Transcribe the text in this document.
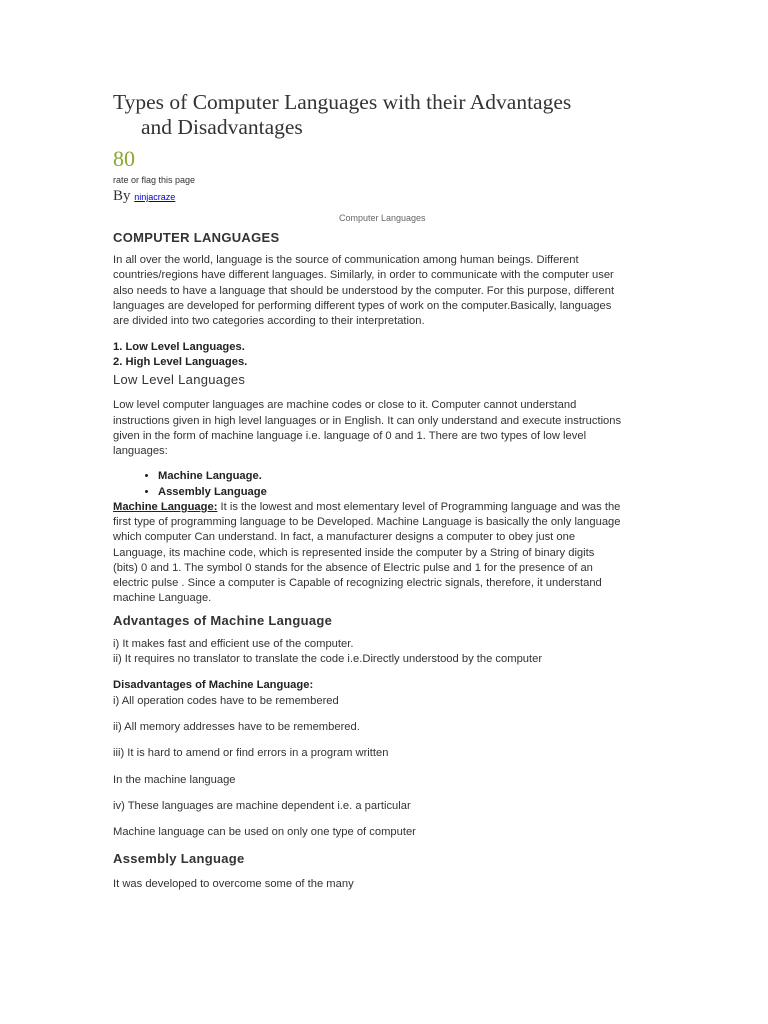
Types of Computer Languages with their Advantages
and Disadvantages
80
rate or flag this page
By ninjacraze
Computer Languages
COMPUTER LANGUAGES

In all over the world, language is the source of communication among human beings. Different
countries/regions have different languages. Similarly, in order to communicate with the computer user
also needs to have a language that should be understood by the computer. For this purpose, different
languages are developed for performing different types of work on the computer.Basically, languages
are divided into two categories according to their interpretation.

1. Low Level Languages.
2. High Level Languages.
Low Level Languages

Low level computer languages are machine codes or close to it. Computer cannot understand
instructions given in high level languages or in English. It can only understand and execute instructions
given in the form of machine language i.e. language of 0 and 1. There are two types of low level
languages:

• Machine Language.
• Assembly Language

Machine Language: It is the lowest and most elementary level of Programming language and was the
first type of programming language to be Developed. Machine Language is basically the only language
which computer Can understand. In fact, a manufacturer designs a computer to obey just one
Language, its machine code, which is represented inside the computer by a String of binary digits
(bits) 0 and 1. The symbol 0 stands for the absence of Electric pulse and 1 for the presence of an
electric pulse . Since a computer is Capable of recognizing electric signals, therefore, it understand
machine Language.

Advantages of Machine Language

i) It makes fast and efficient use of the computer.
ii) It requires no translator to translate the code i.e.Directly understood by the computer

Disadvantages of Machine Language:
i) All operation codes have to be remembered
ii) All memory addresses have to be remembered.
iii) It is hard to amend or find errors in a program written
In the machine language
iv) These languages are machine dependent i.e. a particular
Machine language can be used on only one type of computer
Assembly Language

It was developed to overcome some of the many
